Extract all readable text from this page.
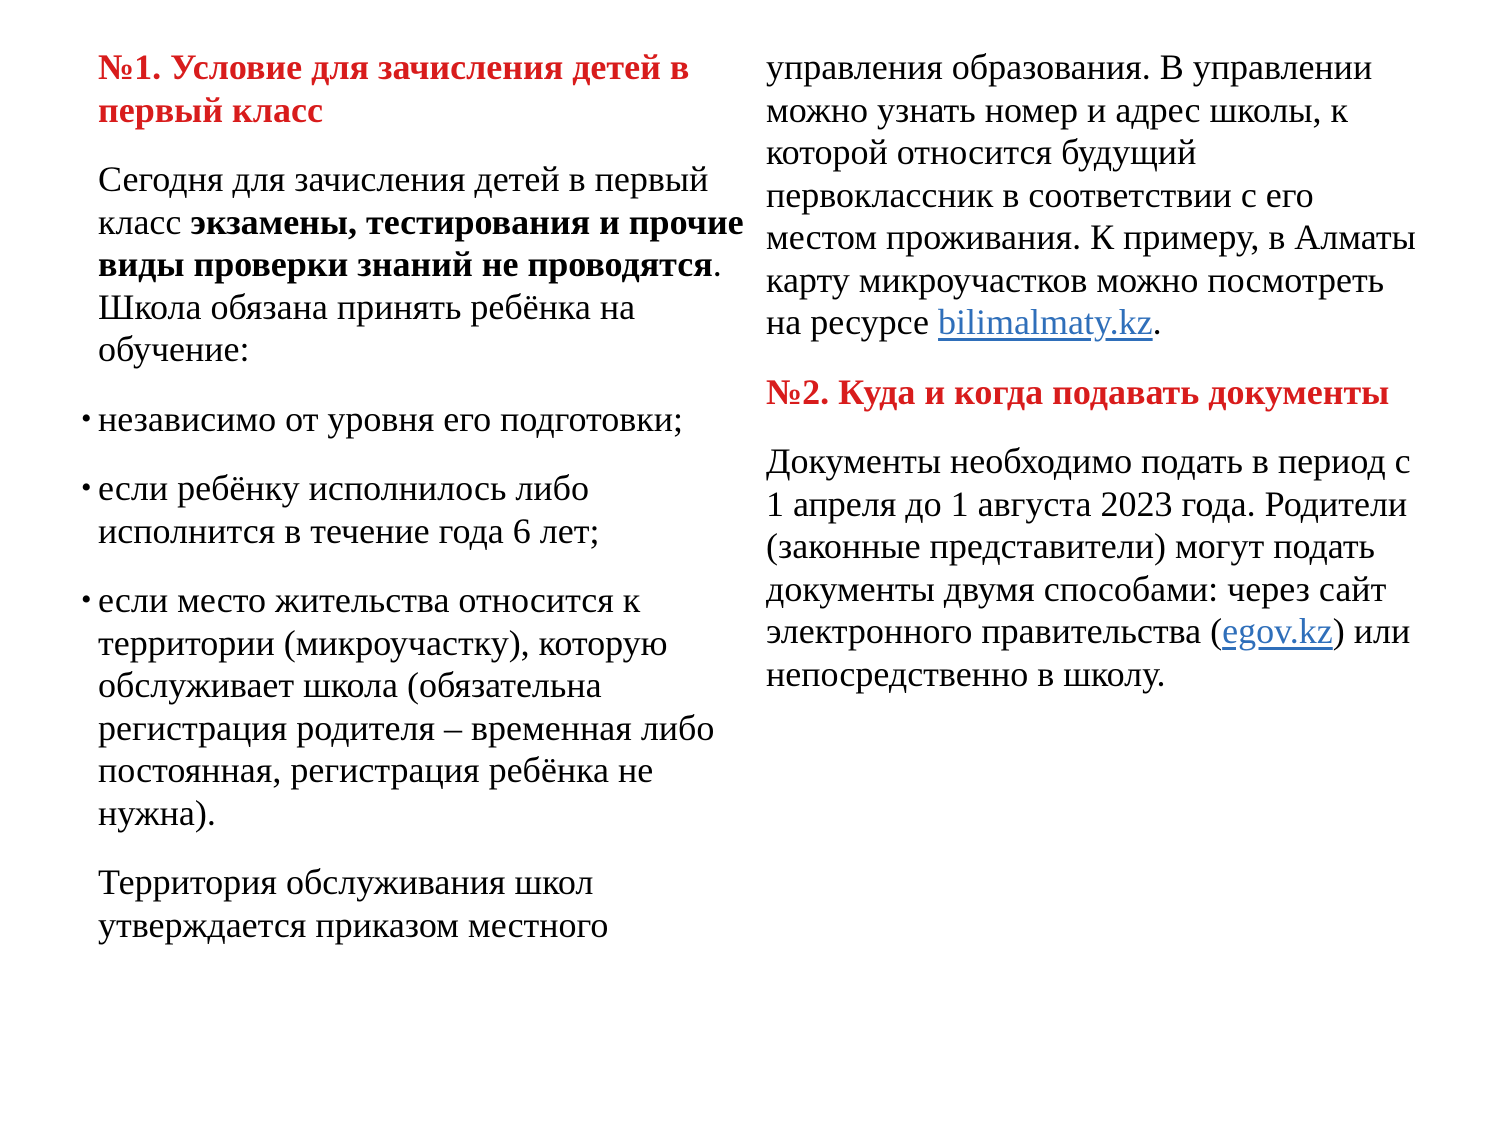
№1. Условие для зачисления детей в первый класс
Сегодня для зачисления детей в первый класс экзамены, тестирования и прочие виды проверки знаний не проводятся. Школа обязана принять ребёнка на обучение:
• независимо от уровня его подготовки;
• если ребёнку исполнилось либо исполнится в течение года 6 лет;
• если место жительства относится к территории (микроучастку), которую обслуживает школа (обязательна регистрация родителя – временная либо постоянная, регистрация ребёнка не нужна).
Территория обслуживания школ утверждается приказом местного
управления образования. В управлении можно узнать номер и адрес школы, к которой относится будущий первоклассник в соответствии с его местом проживания. К примеру, в Алматы карту микроучастков можно посмотреть на ресурсе bilimalmaty.kz.
№2. Куда и когда подавать документы
Документы необходимо подать в период с 1 апреля до 1 августа 2023 года. Родители (законные представители) могут подать документы двумя способами: через сайт электронного правительства (egov.kz) или непосредственно в школу.
